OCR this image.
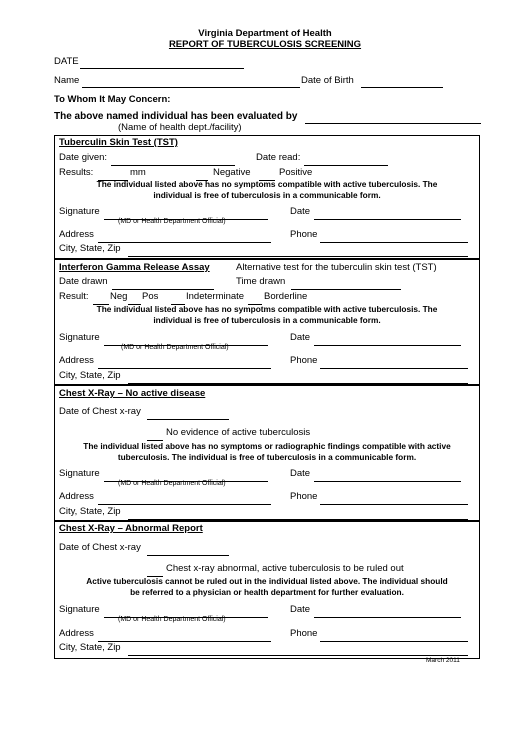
Virginia Department of Health
REPORT OF TUBERCULOSIS SCREENING
DATE
Name	Date of Birth
To Whom It May Concern:
The above named individual has been evaluated by
(Name of health dept./facility)
Tuberculin Skin Test (TST)
Date given:	Date read:
Results:	mm	Negative	Positive
The individual listed above has no symptoms compatible with active tuberculosis. The
individual is free of tuberculosis in a communicable form.
Signature
(MD or Health Department Official)
Date
Address	Phone
City, State, Zip
Interferon Gamma Release Assay	Alternative test for the tuberculin skin test (TST)
Date drawn	Time drawn
Result: Neg Pos	Indeterminate Borderline
The individual listed above has no sympotms compatible with active tuberculosis. The
individual is free of tuberculosis in a communicable form.
Signature
(MD or Health Department Official)
Date
Address	Phone
City, State, Zip
Chest X-Ray – No active disease
Date of Chest x-ray
No evidence of active tuberculosis
The individual listed above has no symptoms or radiographic findings compatible with active
tuberculosis. The individual is free of tuberculosis in a communicable form.
Signature
(MD or Health Department Official)
Date
Address	Phone
City, State, Zip
Chest X-Ray – Abnormal Report
Date of Chest x-ray
Chest x-ray abnormal, active tuberculosis to be ruled out
Active tuberculosis cannot be ruled out in the individual listed above. The individual should
be referred to a physician or health department for further evaluation.
Signature
(MD or Health Department Official)
Date
Address	Phone
City, State, Zip
March 2011
